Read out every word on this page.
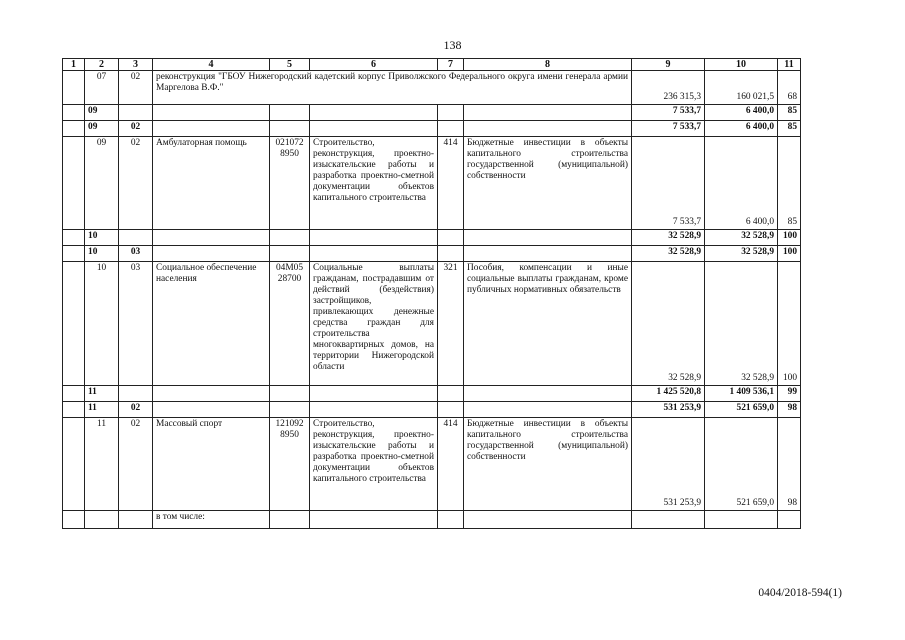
138
1	2	3	4	5	6	7	8	9	10	11
	07	02	реконструкция "ГБОУ Нижегородский кадетский корпус Приволжского Федерального округа имени генерала армии Маргелова В.Ф."					236 315,3	160 021,5	68
	09							7 533,7	6 400,0	85
	09	02						7 533,7	6 400,0	85
	09	02	Амбулаторная помощь	021072 8950	Строительство, реконструкция, проектно-изыскательские работы и разработка проектно-сметной документации объектов капитального строительства	414	Бюджетные инвестиции в объекты капитального строительства государственной (муниципальной) собственности	7 533,7	6 400,0	85
	10							32 528,9	32 528,9	100
	10	03						32 528,9	32 528,9	100
	10	03	Социальное обеспечение населения	04М05 28700	Социальные выплаты гражданам, пострадавшим от действий (бездействия) застройщиков, привлекающих денежные средства граждан для строительства многоквартирных домов, на территории Нижегородской области	321	Пособия, компенсации и иные социальные выплаты гражданам, кроме публичных нормативных обязательств	32 528,9	32 528,9	100
	11							1 425 520,8	1 409 536,1	99
	11	02						531 253,9	521 659,0	98
	11	02	Массовый спорт	121092 8950	Строительство, реконструкция, проектно-изыскательские работы и разработка проектно-сметной документации объектов капитального строительства	414	Бюджетные инвестиции в объекты капитального строительства государственной (муниципальной) собственности	531 253,9	521 659,0	98
			в том числе:							
0404/2018-594(1)
